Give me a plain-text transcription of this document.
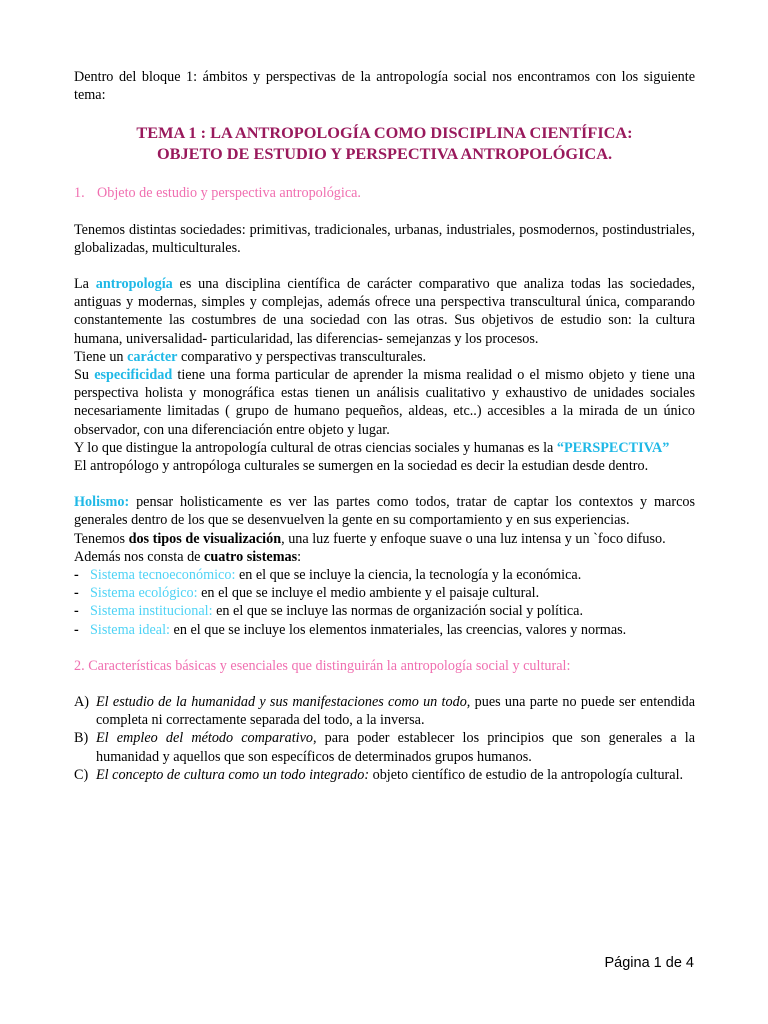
Dentro del bloque 1: ámbitos y perspectivas de la antropología social nos encontramos con los siguiente tema:

TEMA 1 : LA ANTROPOLOGÍA COMO DISCIPLINA CIENTÍFICA:
OBJETO DE ESTUDIO Y PERSPECTIVA ANTROPOLÓGICA.

1. Objeto de estudio y perspectiva antropológica.

Tenemos distintas sociedades: primitivas, tradicionales, urbanas, industriales, posmodernos, postindustriales, globalizadas, multiculturales.

La antropología es una disciplina científica de carácter comparativo que analiza todas las sociedades, antiguas y modernas, simples y complejas, además ofrece una perspectiva transcultural única, comparando constantemente las costumbres de una sociedad con las otras. Sus objetivos de estudio son: la cultura humana, universalidad- particularidad, las diferencias- semejanzas y los procesos.

Tiene un carácter comparativo y perspectivas transculturales.

Su especificidad tiene una forma particular de aprender la misma realidad o el mismo objeto y tiene una perspectiva holista y monográfica estas tienen un análisis cualitativo y exhaustivo de unidades sociales necesariamente limitadas ( grupo de humano pequeños, aldeas, etc..) accesibles a la mirada de un único observador, con una diferenciación entre objeto y lugar.

Y lo que distingue la antropología cultural de otras ciencias sociales y humanas es la “PERSPECTIVA”

El antropólogo y antropóloga culturales se sumergen en la sociedad es decir la estudian desde dentro.

Holismo: pensar holisticamente es ver las partes como todos, tratar de captar los contextos y marcos generales dentro de los que se desenvuelven la gente en su comportamiento y en sus experiencias.

Tenemos dos tipos de visualización, una luz fuerte y enfoque suave o una luz intensa y un `foco difuso.

Además nos consta de cuatro sistemas:

- Sistema tecnoeconómico: en el que se incluye la ciencia, la tecnología y la económica.
- Sistema ecológico: en el que se incluye el medio ambiente y el paisaje cultural.
- Sistema institucional: en el que se incluye las normas de organización social y política.
- Sistema ideal: en el que se incluye los elementos inmateriales, las creencias, valores y normas.

2. Características básicas y esenciales que distinguirán la antropología social y cultural:

A) El estudio de la humanidad y sus manifestaciones como un todo, pues una parte no puede ser entendida completa ni correctamente separada del todo, a la inversa.
B) El empleo del método comparativo, para poder establecer los principios que son generales a la humanidad y aquellos que son específicos de determinados grupos humanos.
C) El concepto de cultura como un todo integrado: objeto científico de estudio de la antropología cultural.
Página 1 de 4
